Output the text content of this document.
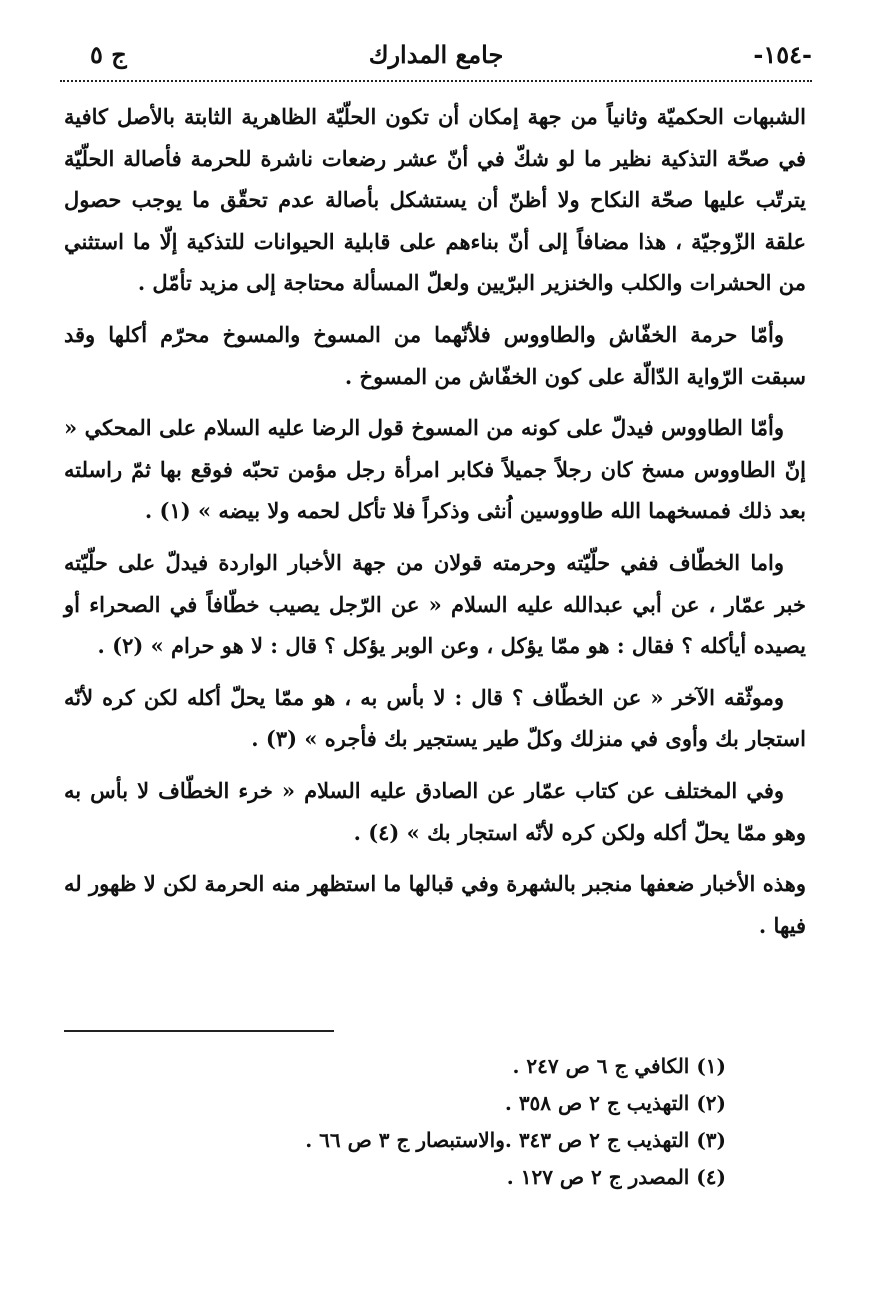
-١٥٤-
جامع المدارك
ج ٥

الشبهات الحكميّة وثانياً من جهة إمكان أن تكون الحلّيّة الظاهرية الثابتة بالأصل كافية في صحّة التذكية نظير ما لو شكّ في أنّ عشر رضعات ناشرة للحرمة فأصالة الحلّيّة يترتّب عليها صحّة النكاح ولا أظنّ أن يستشكل بأصالة عدم تحقّق ما يوجب حصول علقة الزّوجيّة ، هذا مضافاً إلى أنّ بناءهم على قابلية الحيوانات للتذكية إلّا ما استثني من الحشرات والكلب والخنزير البرّيين ولعلّ المسألة محتاجة إلى مزيد تأمّل .

وأمّا حرمة الخفّاش والطاووس فلأنّهما من المسوخ والمسوخ محرّم أكلها وقد سبقت الرّواية الدّالّة على كون الخفّاش من المسوخ .

وأمّا الطاووس فيدلّ على كونه من المسوخ قول الرضا عليه السلام على المحكي « إنّ الطاووس مسخ كان رجلاً جميلاً فكابر امرأة رجل مؤمن تحبّه فوقع بها ثمّ راسلته بعد ذلك فمسخهما الله طاووسين اُنثى وذكراً فلا تأكل لحمه ولا بيضه » (١) .

واما الخطّاف ففي حلّيّته وحرمته قولان من جهة الأخبار الواردة فيدلّ على حلّيّته خبر عمّار ، عن أبي عبدالله عليه السلام « عن الرّجل يصيب خطّافاً في الصحراء أو يصيده أيأكله ؟ فقال : هو ممّا يؤكل ، وعن الوبر يؤكل ؟ قال : لا هو حرام » (٢) .

وموثّقه الآخر « عن الخطّاف ؟ قال : لا بأس به ، هو ممّا يحلّ أكله لكن كره لأنّه استجار بك وأوى في منزلك وكلّ طير يستجير بك فأجره » (٣) .

وفي المختلف عن كتاب عمّار عن الصادق عليه السلام « خرء الخطّاف لا بأس به وهو ممّا يحلّ أكله ولكن كره لأنّه استجار بك » (٤) .

وهذه الأخبار ضعفها منجبر بالشهرة وفي قبالها ما استظهر منه الحرمة لكن لا ظهور له فيها .

(١) الكافي ج ٦ ص ٢٤٧ .
(٢) التهذيب ج ٢ ص ٣٥٨ .
(٣) التهذيب ج ٢ ص ٣٤٣ .والاستبصار ج ٣ ص ٦٦ .
(٤) المصدر ج ٢ ص ١٢٧ .
